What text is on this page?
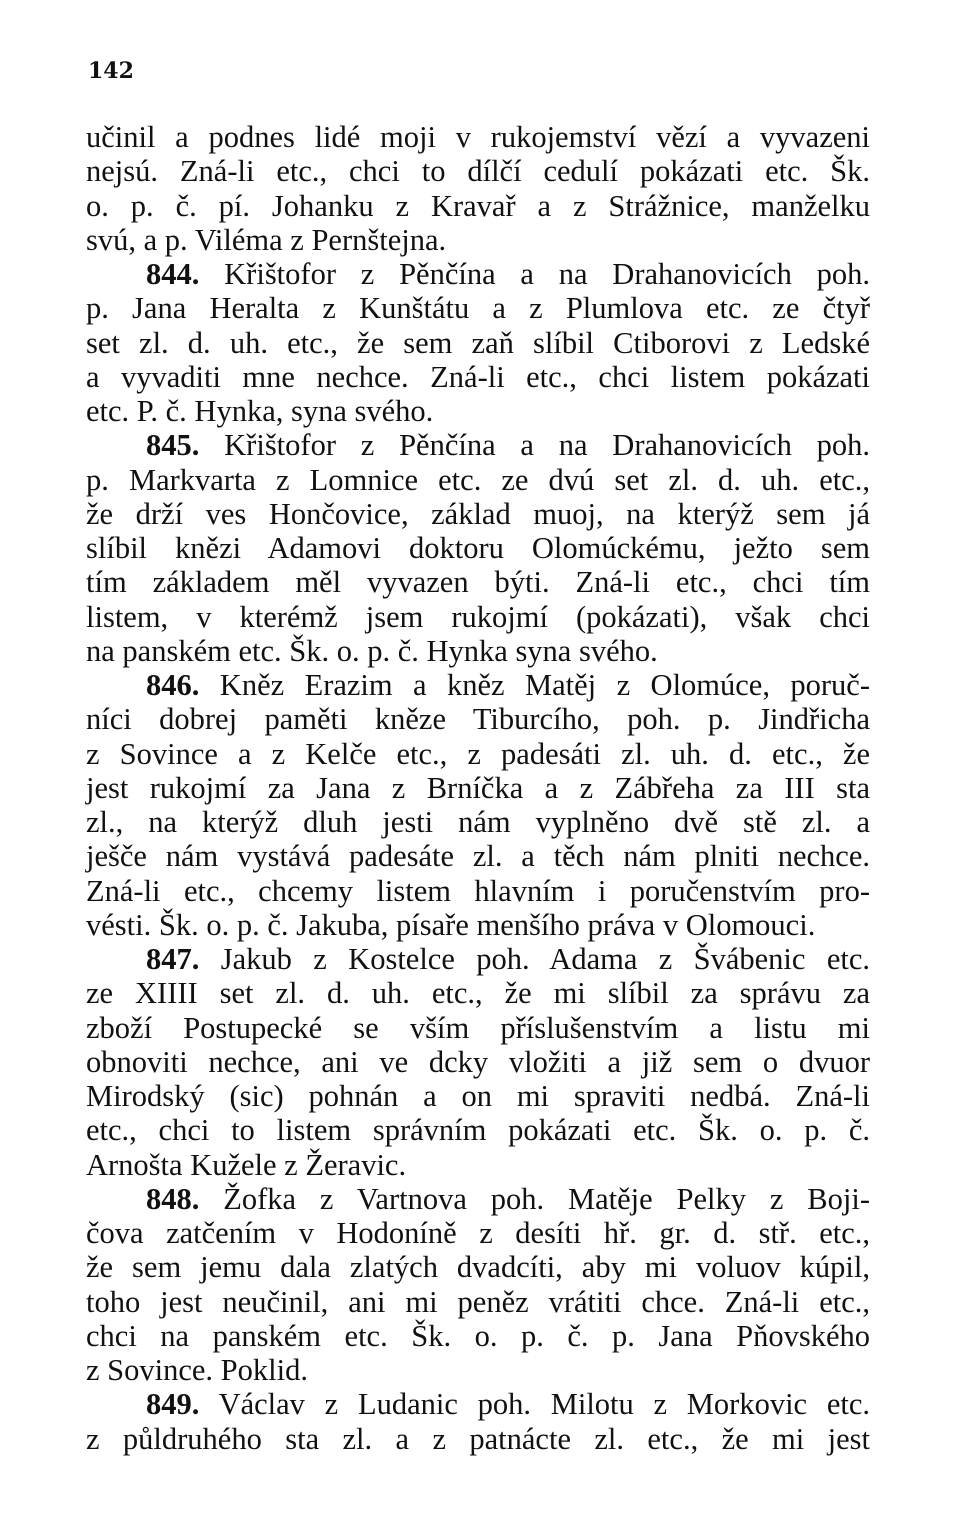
142
učinil a podnes lidé moji v rukojemství vězí a vyvazeni
nejsú. Zná-li etc., chci to dílčí cedulí pokázati etc. Šk.
o. p. č. pí. Johanku z Kravař a z Strážnice, manželku
svú, a p. Viléma z Pernštejna.
844. Křištofor z Pěnčína a na Drahanovicích poh.
p. Jana Heralta z Kunštátu a z Plumlova etc. ze čtyř
set zl. d. uh. etc., že sem zaň slíbil Ctiborovi z Ledské
a vyvaditi mne nechce. Zná-li etc., chci listem pokázati
etc. P. č. Hynka, syna svého.
845. Křištofor z Pěnčína a na Drahanovicích poh.
p. Markvarta z Lomnice etc. ze dvú set zl. d. uh. etc.,
že drží ves Hončovice, základ muoj, na kterýž sem já
slíbil knězi Adamovi doktoru Olomúckému, ježto sem
tím základem měl vyvazen býti. Zná-li etc., chci tím
listem, v kterémž jsem rukojmí (pokázati), však chci
na panském etc. Šk. o. p. č. Hynka syna svého.
846. Kněz Erazim a kněz Matěj z Olomúce, poruč-
níci dobrej paměti kněze Tiburcího, poh. p. Jindřicha
z Sovince a z Kelče etc., z padesáti zl. uh. d. etc., že
jest rukojmí za Jana z Brníčka a z Zábřeha za III sta
zl., na kterýž dluh jesti nám vyplněno dvě stě zl. a
ješče nám vystává padesáte zl. a těch nám plniti nechce.
Zná-li etc., chcemy listem hlavním i poručenstvím pro-
vésti. Šk. o. p. č. Jakuba, písaře menšího práva v Olomouci.
847. Jakub z Kostelce poh. Adama z Švábenic etc.
ze XIIII set zl. d. uh. etc., že mi slíbil za správu za
zboží Postupecké se vším příslušenstvím a listu mi
obnoviti nechce, ani ve dcky vložiti a již sem o dvuor
Mirodský (sic) pohnán a on mi spraviti nedbá. Zná-li
etc., chci to listem správním pokázati etc. Šk. o. p. č.
Arnošta Kužele z Žeravic.
848. Žofka z Vartnova poh. Matěje Pelky z Boji-
čova zatčením v Hodoníně z desíti hř. gr. d. stř. etc.,
že sem jemu dala zlatých dvadcíti, aby mi voluov kúpil,
toho jest neučinil, ani mi peněz vrátiti chce. Zná-li etc.,
chci na panském etc. Šk. o. p. č. p. Jana Pňovského
z Sovince. Poklid.
849. Václav z Ludanic poh. Milotu z Morkovic etc.
z půldruhého sta zl. a z patnácte zl. etc., že mi jest
